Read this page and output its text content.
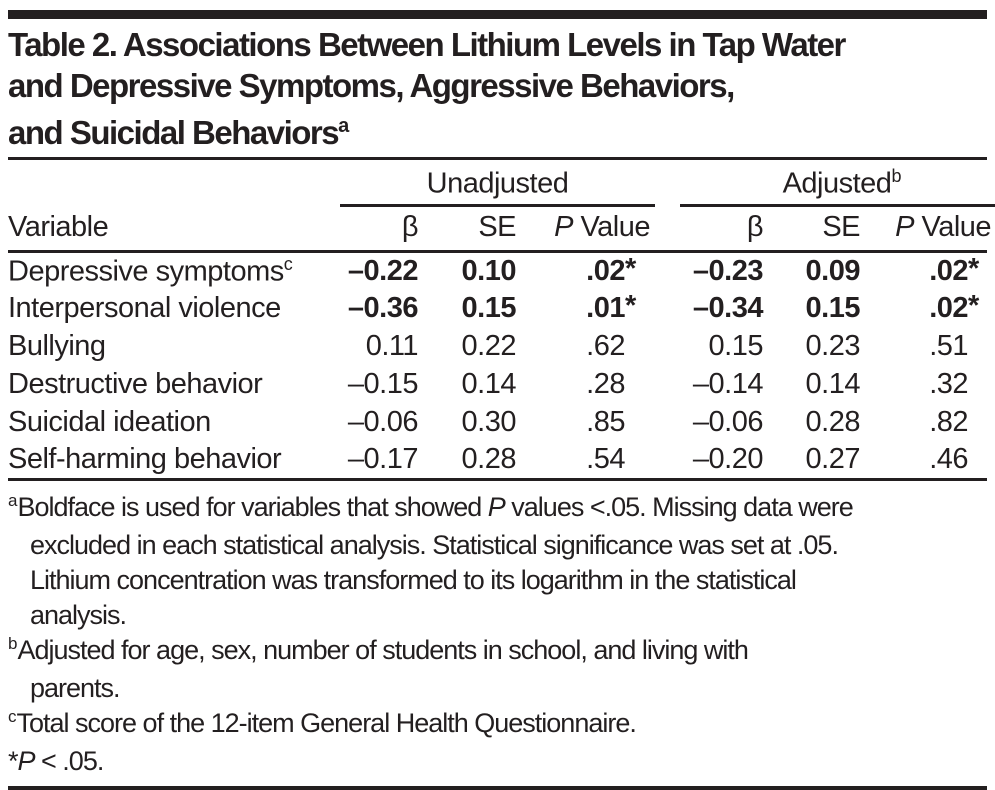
Table 2. Associations Between Lithium Levels in Tap Water
and Depressive Symptoms, Aggressive Behaviors,
and Suicidal Behaviors$^a$

	Unadjusted			Adjusted$^b$

Variable	β	SE	P Value	β	SE	P Value
Depressive symptoms$^c$	–0.22	0.10	.02 *	–0.23	0.09	.02 *

Interpersonal violence	–0.36	0.15	.01 *	–0.34	0.15	.02 *

Bullying	0.11	0.22	.62	0.15	0.23	.51
Destructive behavior	–0.15	0.14	.28	–0.14	0.14	.32
Suicidal ideation	–0.06	0.30	.85	–0.06	0.28	.82
Self-harming behavior	–0.17	0.28	.54	–0.20	0.27	.46
$^a$Boldface is used for variables that showed P values <.05. Missing data were
excluded in each statistical analysis. Statistical significance was set at .05.
Lithium concentration was transformed to its logarithm in the statistical
analysis.
$^b$Adjusted for age, sex, number of students in school, and living with
parents.
$^c$Total score of the 12-item General Health Questionnaire.
*P < .05.
